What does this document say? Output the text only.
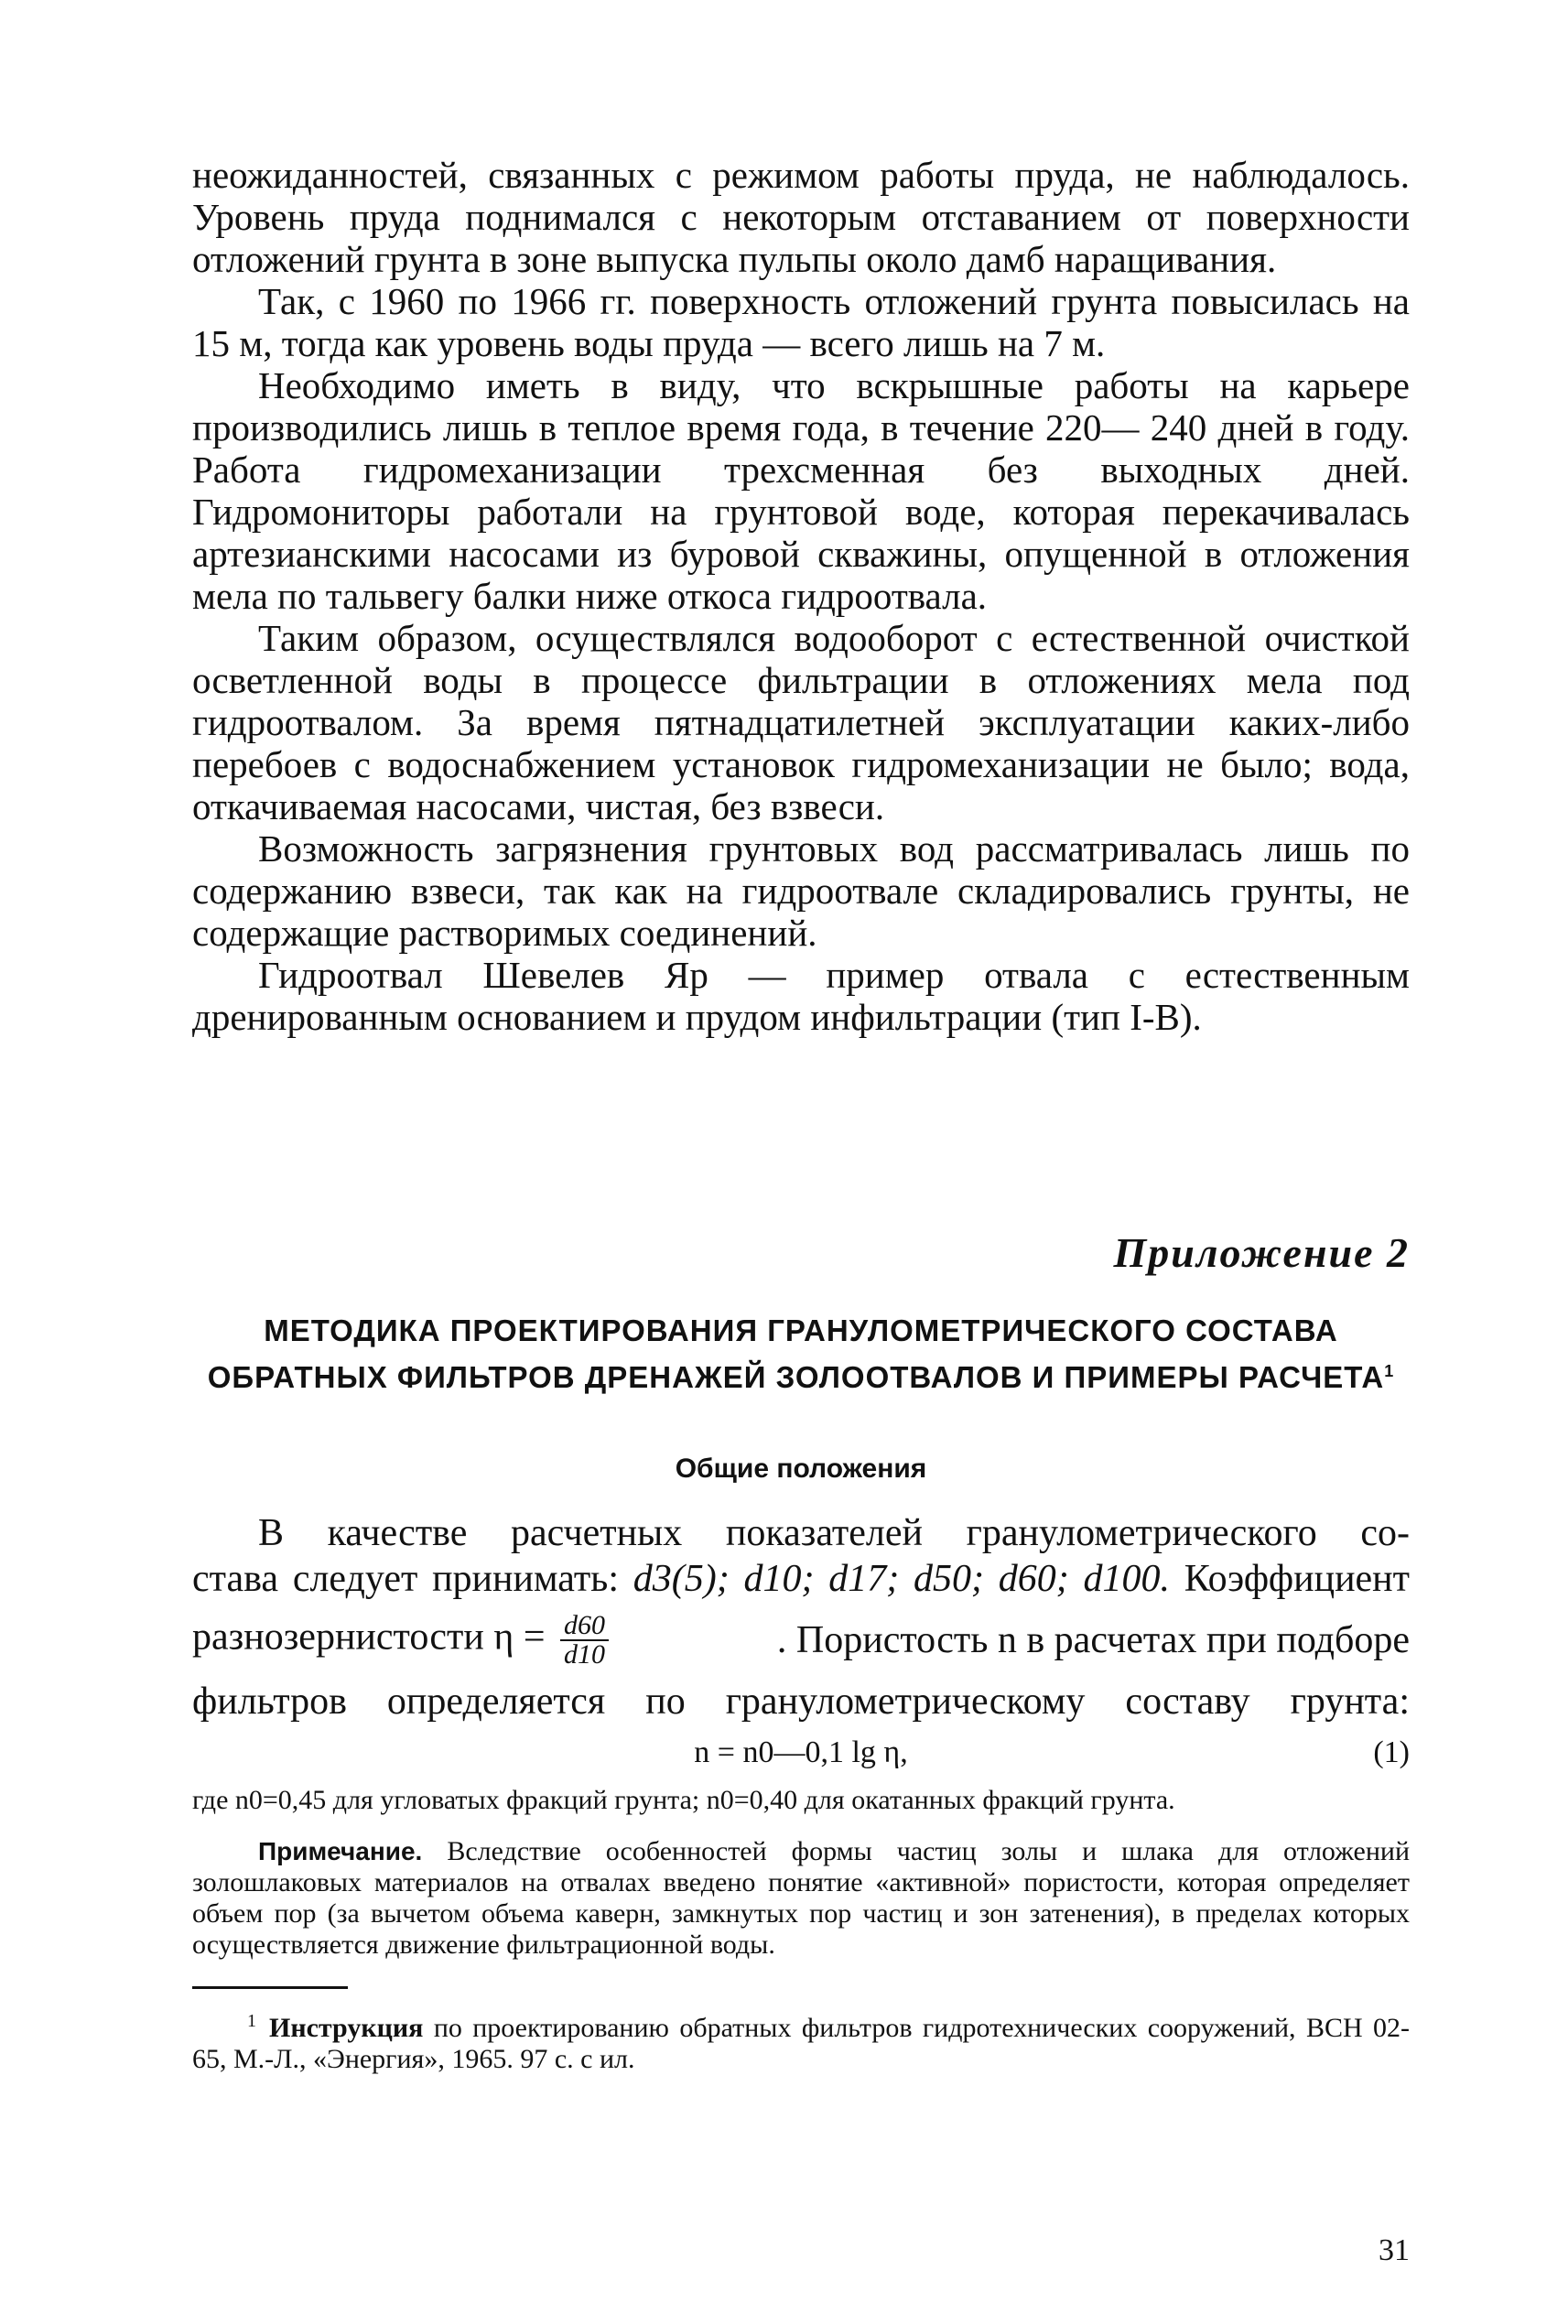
неожиданностей, связанных с режимом работы пруда, не наблюдалось. Уровень пруда поднимался с некоторым отставанием от поверхности отложений грунта в зоне выпуска пульпы около дамб наращивания.

Так, с 1960 по 1966 гг. поверхность отложений грунта повысилась на 15 м, тогда как уровень воды пруда — всего лишь на 7 м.

Необходимо иметь в виду, что вскрышные работы на карьере производились лишь в теплое время года, в течение 220— 240 дней в году. Работа гидромеханизации трехсменная без выходных дней. Гидромониторы работали на грунтовой воде, которая перекачивалась артезианскими насосами из буровой скважины, опущенной в отложения мела по тальвегу балки ниже откоса гидроотвала.

Таким образом, осуществлялся водооборот с естественной очисткой осветленной воды в процессе фильтрации в отложениях мела под гидроотвалом. За время пятнадцатилетней эксплуатации каких-либо перебоев с водоснабжением установок гидромеханизации не было; вода, откачиваемая насосами, чистая, без взвеси.

Возможность загрязнения грунтовых вод рассматривалась лишь по содержанию взвеси, так как на гидроотвале складировались грунты, не содержащие растворимых соединений.

Гидроотвал Шевелев Яр — пример отвала с естественным дренированным основанием и прудом инфильтрации (тип I-В).

Приложение 2
МЕТОДИКА ПРОЕКТИРОВАНИЯ ГРАНУЛОМЕТРИЧЕСКОГО СОСТАВА ОБРАТНЫХ ФИЛЬТРОВ ДРЕНАЖЕЙ ЗОЛООТВАЛОВ И ПРИМЕРЫ РАСЧЕТА$^1$
Общие положения
В качестве расчетных показателей гранулометрического со-
става следует принимать: d3(5); d10; d17; d50; d60; d100. Коэффициент
разнозернистости $\eta = \frac{d60}{d10}$	. Пористость n в расчетах при подборе
фильтров определяется по гранулометрическому составу грунта:
n = n0—0,1 lg η,	(1)

где n0=0,45 для угловатых фракций грунта; n0=0,40 для окатанных фракций грунта.

Примечание. Вследствие особенностей формы частиц золы и шлака для отложений золошлаковых материалов на отвалах введено понятие «активной» пористости, которая определяет объем пор (за вычетом объема каверн, замкнутых пор частиц и зон затенения), в пределах которых осуществляется движение фильтрационной воды.

$^1$ Инструкция по проектированию обратных фильтров гидротехнических сооружений, ВСН 02-65, М.-Л., «Энергия», 1965. 97 с. с ил.

31
